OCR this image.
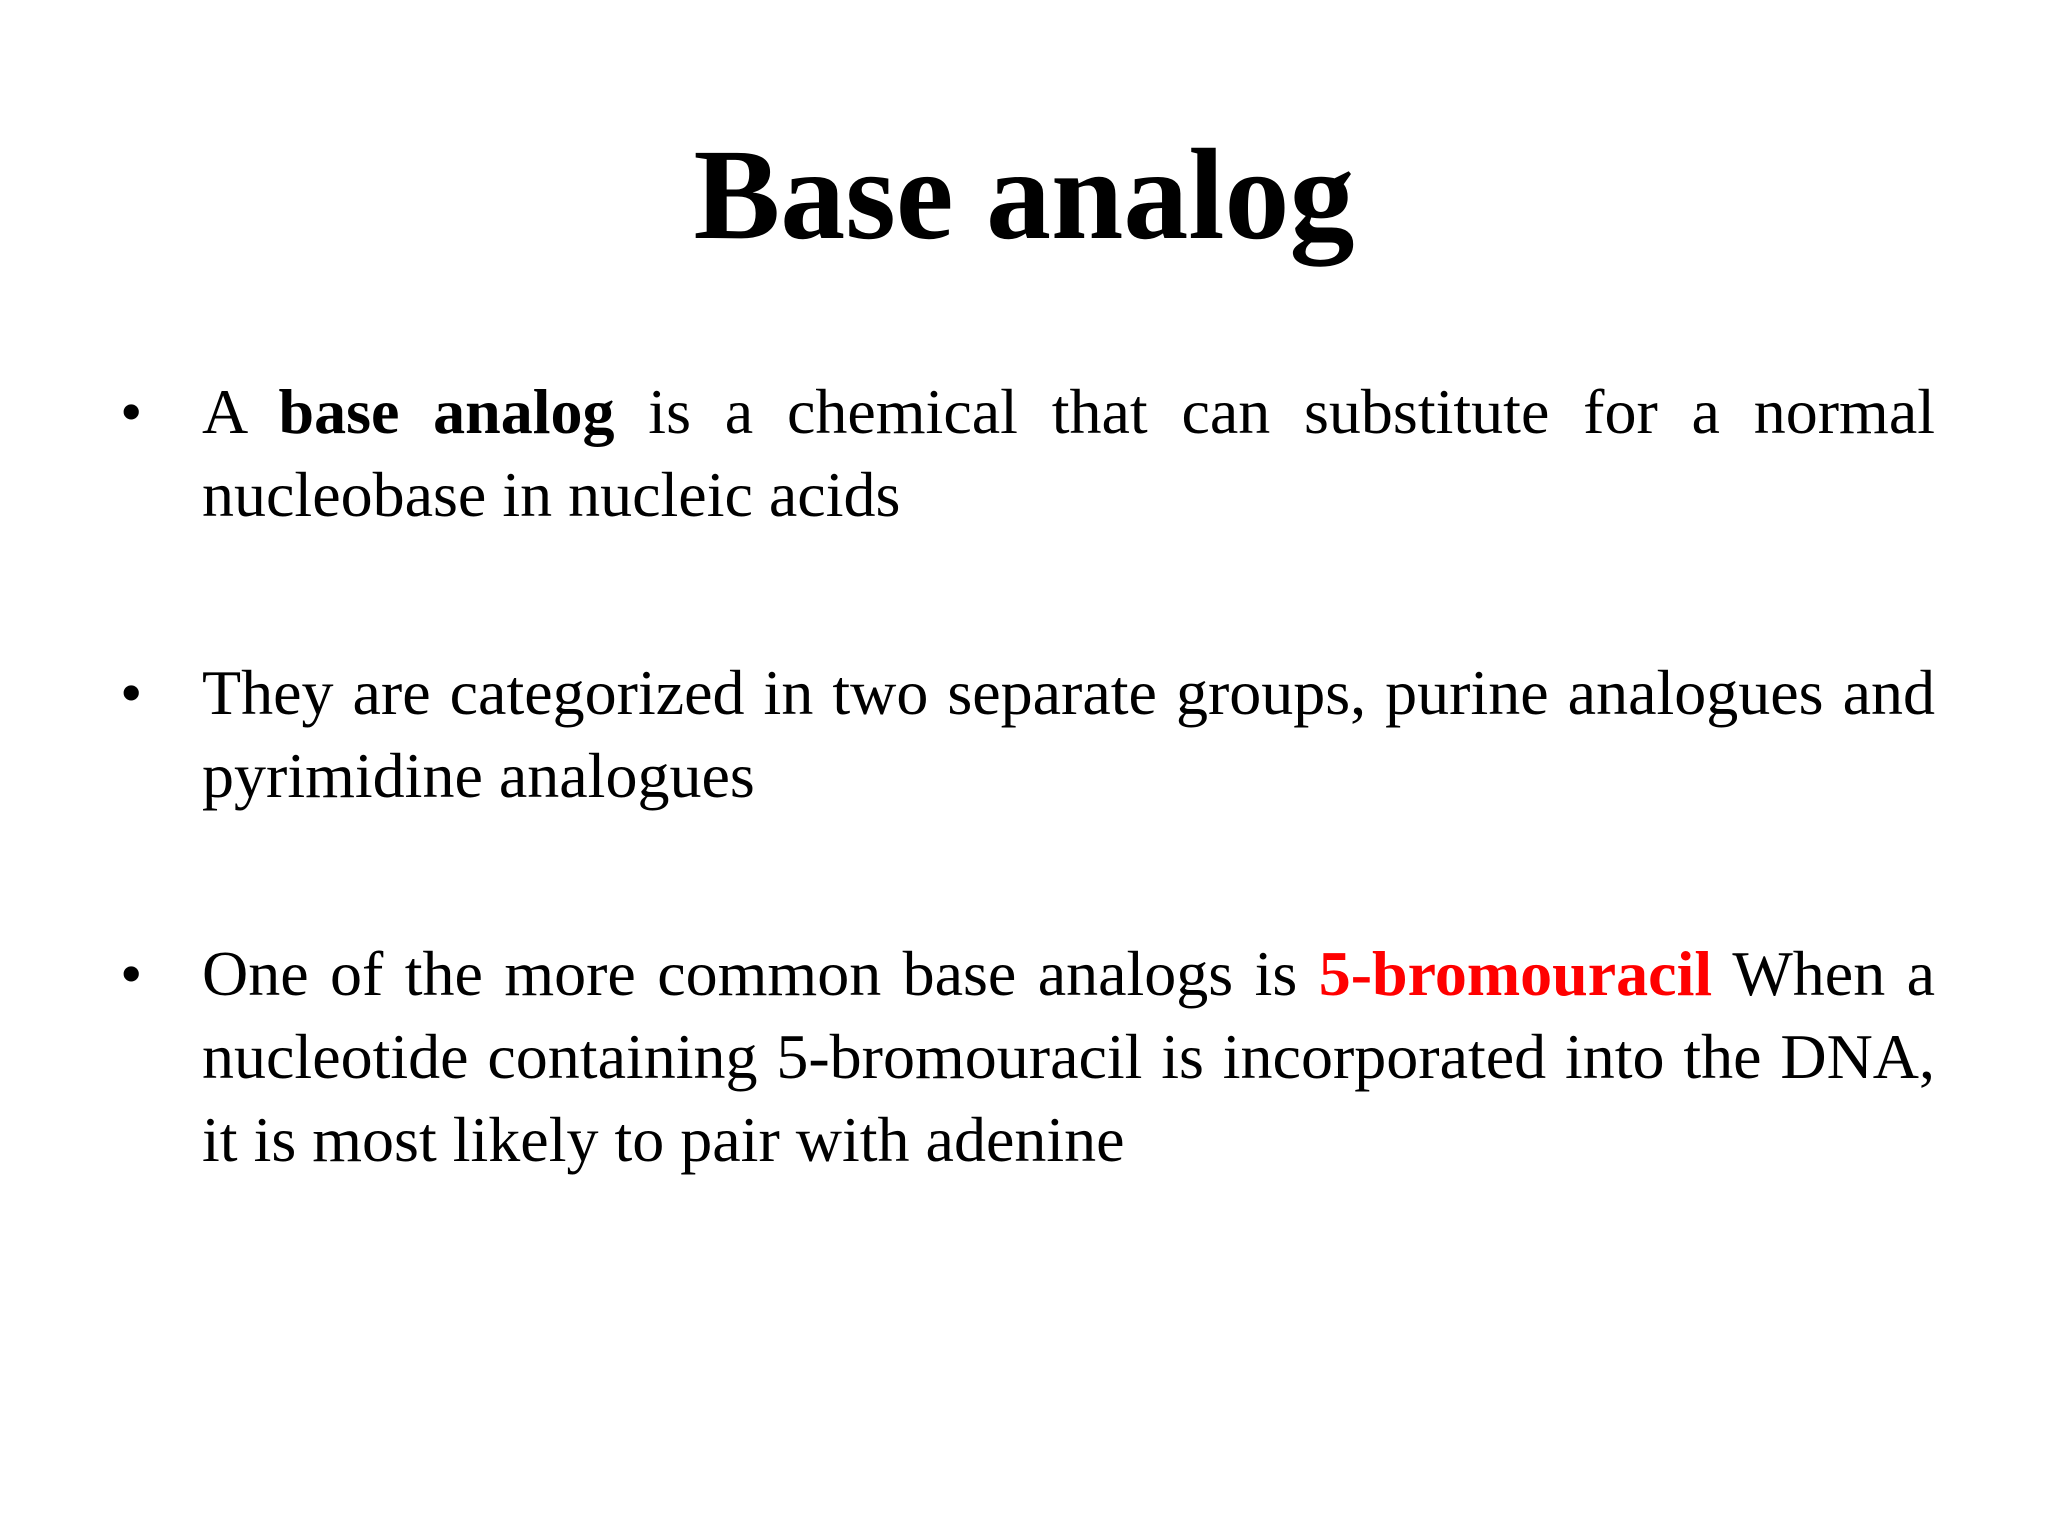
Base analog
• A base analog is a chemical that can substitute for a normal nucleobase in nucleic acids
• They are categorized in two separate groups, purine analogues and pyrimidine analogues
• One of the more common base analogs is 5-bromouracil When a nucleotide containing 5-bromouracil is incorporated into the DNA, it is most likely to pair with adenine
